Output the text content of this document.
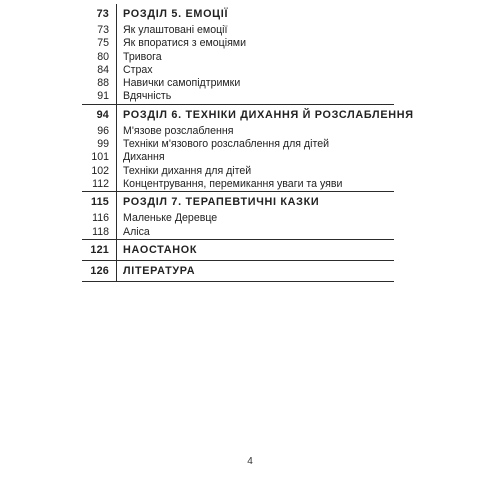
73	РОЗДІЛ 5. ЕМОЦІЇ
73	Як улаштовані емоції
75	Як впоратися з емоціями
80	Тривога
84	Страх
88	Навички самопідтримки
91	Вдячність
94	РОЗДІЛ 6. ТЕХНІКИ ДИХАННЯ Й РОЗСЛАБЛЕННЯ
96	М'язове розслаблення
99	Техніки м'язового розслаблення для дітей
101	Дихання
102	Техніки дихання для дітей
112	Концентрування, перемикання уваги та уяви
115	РОЗДІЛ 7. ТЕРАПЕВТИЧНІ КАЗКИ
116	Маленьке Деревце
118	Аліса
121	НАОСТАНОК
126	ЛІТЕРАТУРА
4
